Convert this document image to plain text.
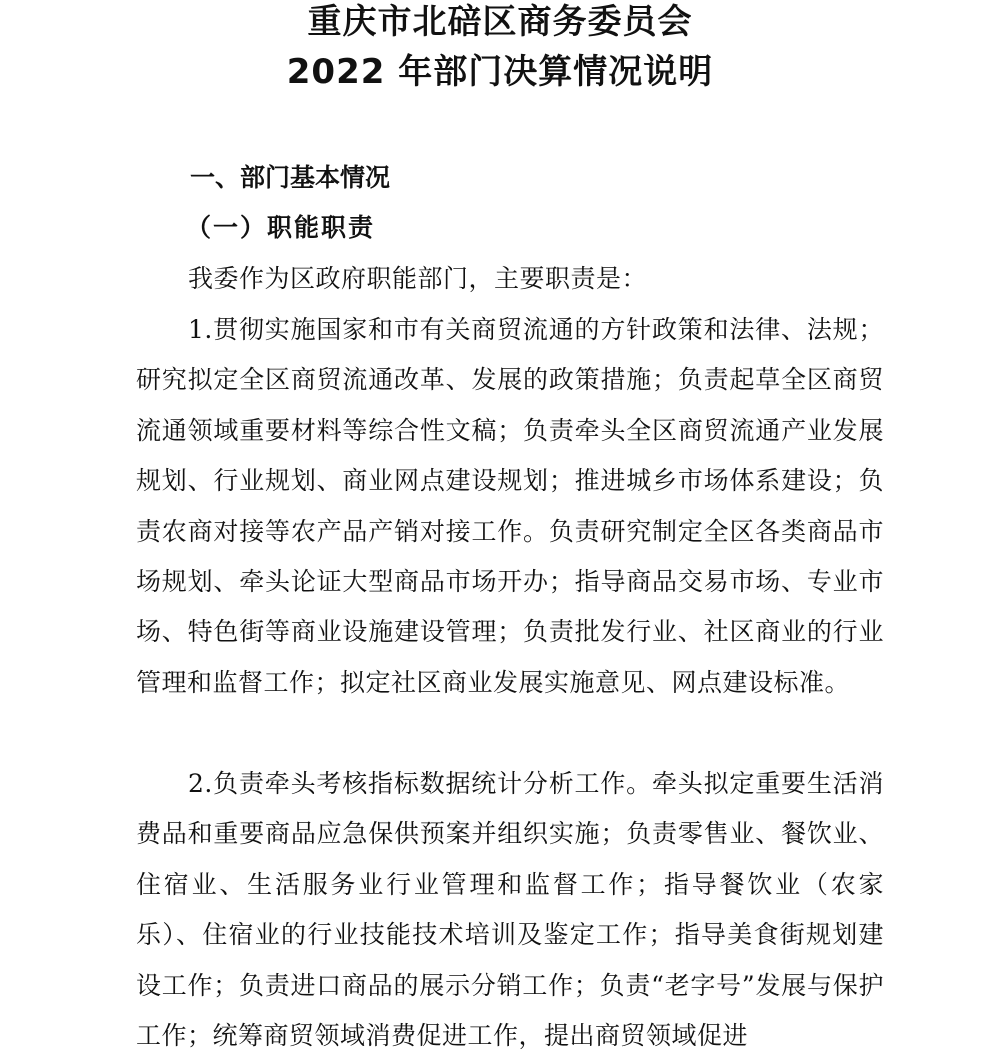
重庆市北碚区商务委员会
2022 年部门决算情况说明
一、部门基本情况
（一）职能职责

我委作为区政府职能部门，主要职责是：

1.贯彻实施国家和市有关商贸流通的方针政策和法律、法规；研究拟定全区商贸流通改革、发展的政策措施；负责起草全区商贸流通领域重要材料等综合性文稿；负责牵头全区商贸流通产业发展规划、行业规划、商业网点建设规划；推进城乡市场体系建设；负责农商对接等农产品产销对接工作。负责研究制定全区各类商品市场规划、牵头论证大型商品市场开办；指导商品交易市场、专业市场、特色街等商业设施建设管理；负责批发行业、社区商业的行业管理和监督工作；拟定社区商业发展实施意见、网点建设标准。

2.负责牵头考核指标数据统计分析工作。牵头拟定重要生活消费品和重要商品应急保供预案并组织实施；负责零售业、餐饮业、住宿业、生活服务业行业管理和监督工作；指导餐饮业（农家乐）、住宿业的行业技能技术培训及鉴定工作；指导美食街规划建设工作；负责进口商品的展示分销工作；负责“老字号”发展与保护工作；统筹商贸领域消费促进工作，提出商贸领域促进
